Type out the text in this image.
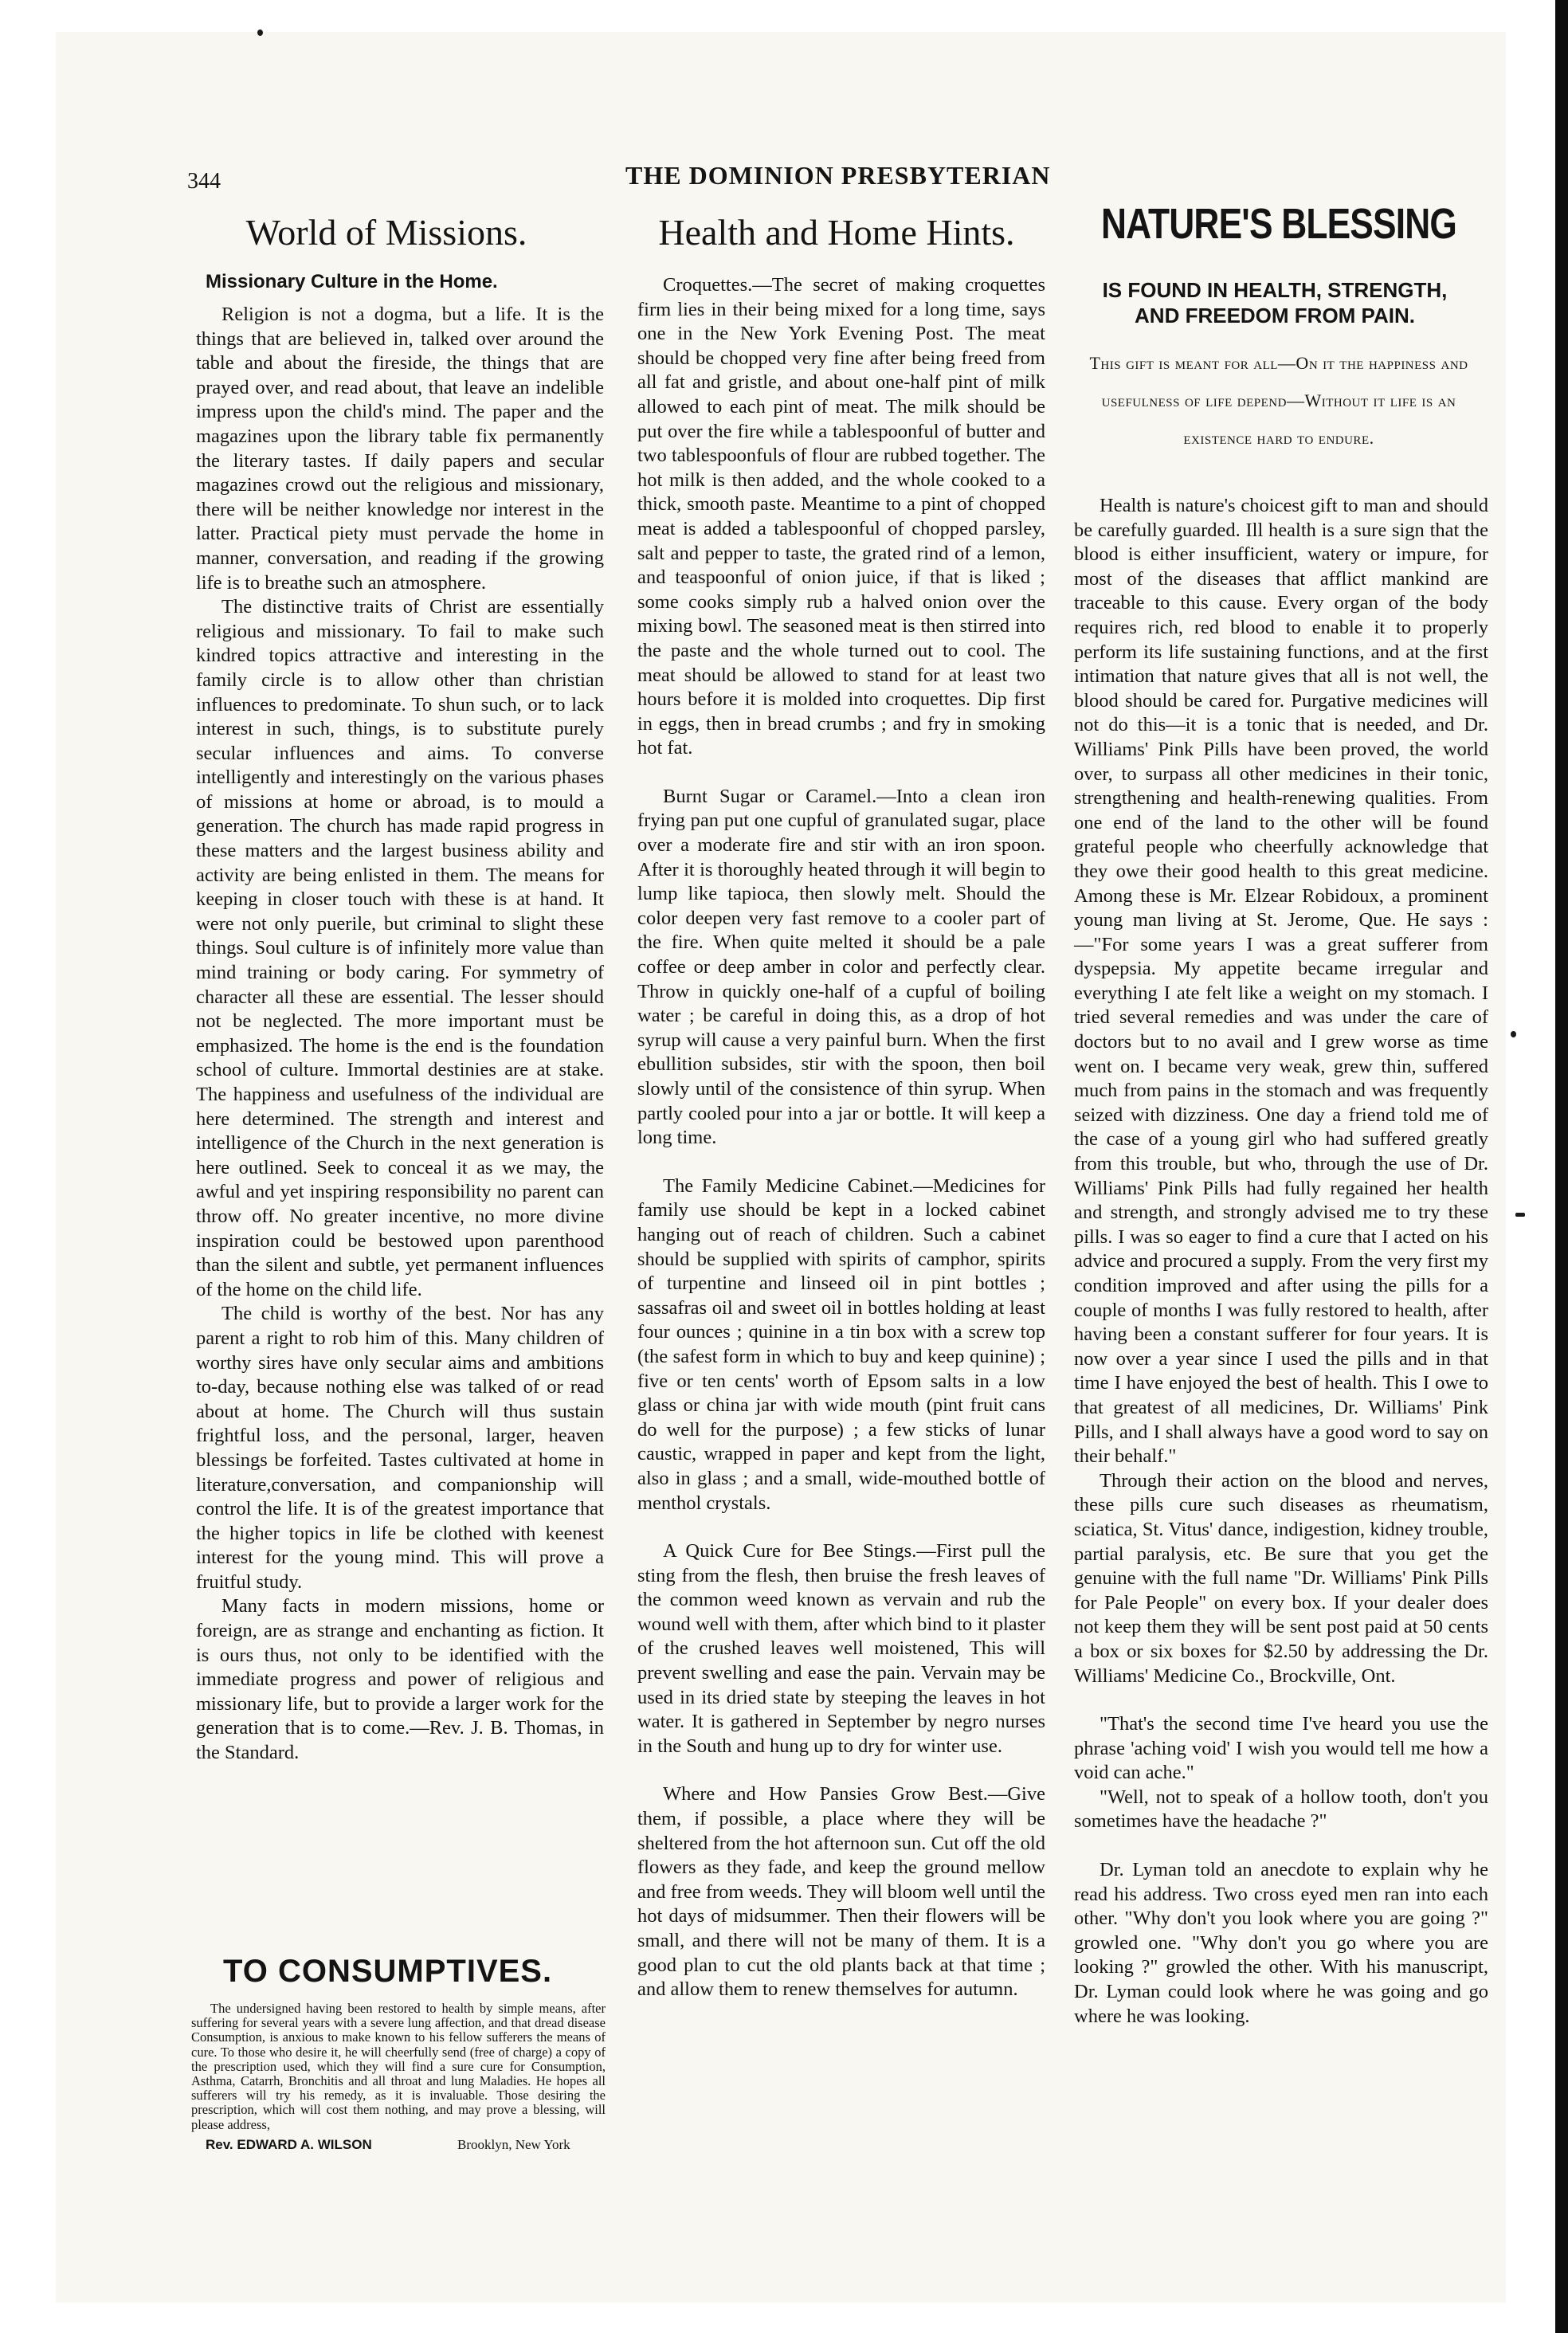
344	THE DOMINION PRESBYTERIAN
World of Missions.
Missionary Culture in the Home.

Religion is not a dogma, but a life. It is the things that are believed in, talked over around the table and about the fireside, the things that are prayed over, and read about, that leave an indelible impress upon the child's mind. The paper and the magazines upon the library table fix permanently the literary tastes. If daily papers and secular magazines crowd out the religious and missionary, there will be neither knowledge nor interest in the latter. Practical piety must pervade the home in manner, conversation, and reading if the growing life is to breathe such an atmosphere.

The distinctive traits of Christ are essentially religious and missionary. To fail to make such kindred topics attractive and interesting in the family circle is to allow other than christian influences to predominate. To shun such, or to lack interest in such, things, is to substitute purely secular influences and aims. To converse intelligently and interestingly on the various phases of missions at home or abroad, is to mould a generation. The church has made rapid progress in these matters and the largest business ability and activity are being enlisted in them. The means for keeping in closer touch with these is at hand. It were not only puerile, but criminal to slight these things. Soul culture is of infinitely more value than mind training or body caring. For symmetry of character all these are essential. The lesser should not be neglected. The more important must be emphasized. The home is the end is the foundation school of culture. Immortal destinies are at stake. The happiness and usefulness of the individual are here determined. The strength and interest and intelligence of the Church in the next generation is here outlined. Seek to conceal it as we may, the awful and yet inspiring responsibility no parent can throw off. No greater incentive, no more divine inspiration could be bestowed upon parenthood than the silent and subtle, yet permanent influences of the home on the child life.

The child is worthy of the best. Nor has any parent a right to rob him of this. Many children of worthy sires have only secular aims and ambitions to-day, because nothing else was talked of or read about at home. The Church will thus sustain frightful loss, and the personal, larger, heaven blessings be forfeited. Tastes cultivated at home in literature,conversation, and companionship will control the life. It is of the greatest importance that the higher topics in life be clothed with keenest interest for the young mind. This will prove a fruitful study.

Many facts in modern missions, home or foreign, are as strange and enchanting as fiction. It is ours thus, not only to be identified with the immediate progress and power of religious and missionary life, but to provide a larger work for the generation that is to come.—Rev. J. B. Thomas, in the Standard.

TO CONSUMPTIVES.

The undersigned having been restored to health by simple means, after suffering for several years with a severe lung affection, and that dread disease Consumption, is anxious to make known to his fellow sufferers the means of cure. To those who desire it, he will cheerfully send (free of charge) a copy of the prescription used, which they will find a sure cure for Consumption, Asthma, Catarrh, Bronchitis and all throat and lung Maladies. He hopes all sufferers will try his remedy, as it is invaluable. Those desiring the prescription, which will cost them nothing, and may prove a blessing, will please address,

Rev. EDWARD A. WILSON	Brooklyn, New York
Health and Home Hints.

Croquettes.—The secret of making croquettes firm lies in their being mixed for a long time, says one in the New York Evening Post. The meat should be chopped very fine after being freed from all fat and gristle, and about one-half pint of milk allowed to each pint of meat. The milk should be put over the fire while a tablespoonful of butter and two tablespoonfuls of flour are rubbed together. The hot milk is then added, and the whole cooked to a thick, smooth paste. Meantime to a pint of chopped meat is added a tablespoonful of chopped parsley, salt and pepper to taste, the grated rind of a lemon, and teaspoonful of onion juice, if that is liked ; some cooks simply rub a halved onion over the mixing bowl. The seasoned meat is then stirred into the paste and the whole turned out to cool. The meat should be allowed to stand for at least two hours before it is molded into croquettes. Dip first in eggs, then in bread crumbs ; and fry in smoking hot fat.

Burnt Sugar or Caramel.—Into a clean iron frying pan put one cupful of granulated sugar, place over a moderate fire and stir with an iron spoon. After it is thoroughly heated through it will begin to lump like tapioca, then slowly melt. Should the color deepen very fast remove to a cooler part of the fire. When quite melted it should be a pale coffee or deep amber in color and perfectly clear. Throw in quickly one-half of a cupful of boiling water ; be careful in doing this, as a drop of hot syrup will cause a very painful burn. When the first ebullition subsides, stir with the spoon, then boil slowly until of the consistence of thin syrup. When partly cooled pour into a jar or bottle. It will keep a long time.

The Family Medicine Cabinet.—Medicines for family use should be kept in a locked cabinet hanging out of reach of children. Such a cabinet should be supplied with spirits of camphor, spirits of turpentine and linseed oil in pint bottles ; sassafras oil and sweet oil in bottles holding at least four ounces ; quinine in a tin box with a screw top (the safest form in which to buy and keep quinine) ; five or ten cents' worth of Epsom salts in a low glass or china jar with wide mouth (pint fruit cans do well for the purpose) ; a few sticks of lunar caustic, wrapped in paper and kept from the light, also in glass ; and a small, wide-mouthed bottle of menthol crystals.

A Quick Cure for Bee Stings.—First pull the sting from the flesh, then bruise the fresh leaves of the common weed known as vervain and rub the wound well with them, after which bind to it plaster of the crushed leaves well moistened, This will prevent swelling and ease the pain. Vervain may be used in its dried state by steeping the leaves in hot water. It is gathered in September by negro nurses in the South and hung up to dry for winter use.

Where and How Pansies Grow Best.—Give them, if possible, a place where they will be sheltered from the hot afternoon sun. Cut off the old flowers as they fade, and keep the ground mellow and free from weeds. They will bloom well until the hot days of midsummer. Then their flowers will be small, and there will not be many of them. It is a good plan to cut the old plants back at that time ; and allow them to renew themselves for autumn.

NATURE'S BLESSING
IS FOUND IN HEALTH, STRENGTH,
AND FREEDOM FROM PAIN.
This gift is meant for all—On it the happiness and usefulness of life depend—Without it life is an existence hard to endure.

Health is nature's choicest gift to man and should be carefully guarded. Ill health is a sure sign that the blood is either insufficient, watery or impure, for most of the diseases that afflict mankind are traceable to this cause. Every organ of the body requires rich, red blood to enable it to properly perform its life sustaining functions, and at the first intimation that nature gives that all is not well, the blood should be cared for. Purgative medicines will not do this—it is a tonic that is needed, and Dr. Williams' Pink Pills have been proved, the world over, to surpass all other medicines in their tonic, strengthening and health-renewing qualities. From one end of the land to the other will be found grateful people who cheerfully acknowledge that they owe their good health to this great medicine. Among these is Mr. Elzear Robidoux, a prominent young man living at St. Jerome, Que. He says :—"For some years I was a great sufferer from dyspepsia. My appetite became irregular and everything I ate felt like a weight on my stomach. I tried several remedies and was under the care of doctors but to no avail and I grew worse as time went on. I became very weak, grew thin, suffered much from pains in the stomach and was frequently seized with dizziness. One day a friend told me of the case of a young girl who had suffered greatly from this trouble, but who, through the use of Dr. Williams' Pink Pills had fully regained her health and strength, and strongly advised me to try these pills. I was so eager to find a cure that I acted on his advice and procured a supply. From the very first my condition improved and after using the pills for a couple of months I was fully restored to health, after having been a constant sufferer for four years. It is now over a year since I used the pills and in that time I have enjoyed the best of health. This I owe to that greatest of all medicines, Dr. Williams' Pink Pills, and I shall always have a good word to say on their behalf."

Through their action on the blood and nerves, these pills cure such diseases as rheumatism, sciatica, St. Vitus' dance, indigestion, kidney trouble, partial paralysis, etc. Be sure that you get the genuine with the full name "Dr. Williams' Pink Pills for Pale People" on every box. If your dealer does not keep them they will be sent post paid at 50 cents a box or six boxes for $2.50 by addressing the Dr. Williams' Medicine Co., Brockville, Ont.

"That's the second time I've heard you use the phrase 'aching void' I wish you would tell me how a void can ache."

"Well, not to speak of a hollow tooth, don't you sometimes have the headache ?"

Dr. Lyman told an anecdote to explain why he read his address. Two cross eyed men ran into each other. "Why don't you look where you are going ?" growled one. "Why don't you go where you are looking ?" growled the other. With his manuscript, Dr. Lyman could look where he was going and go where he was looking.
